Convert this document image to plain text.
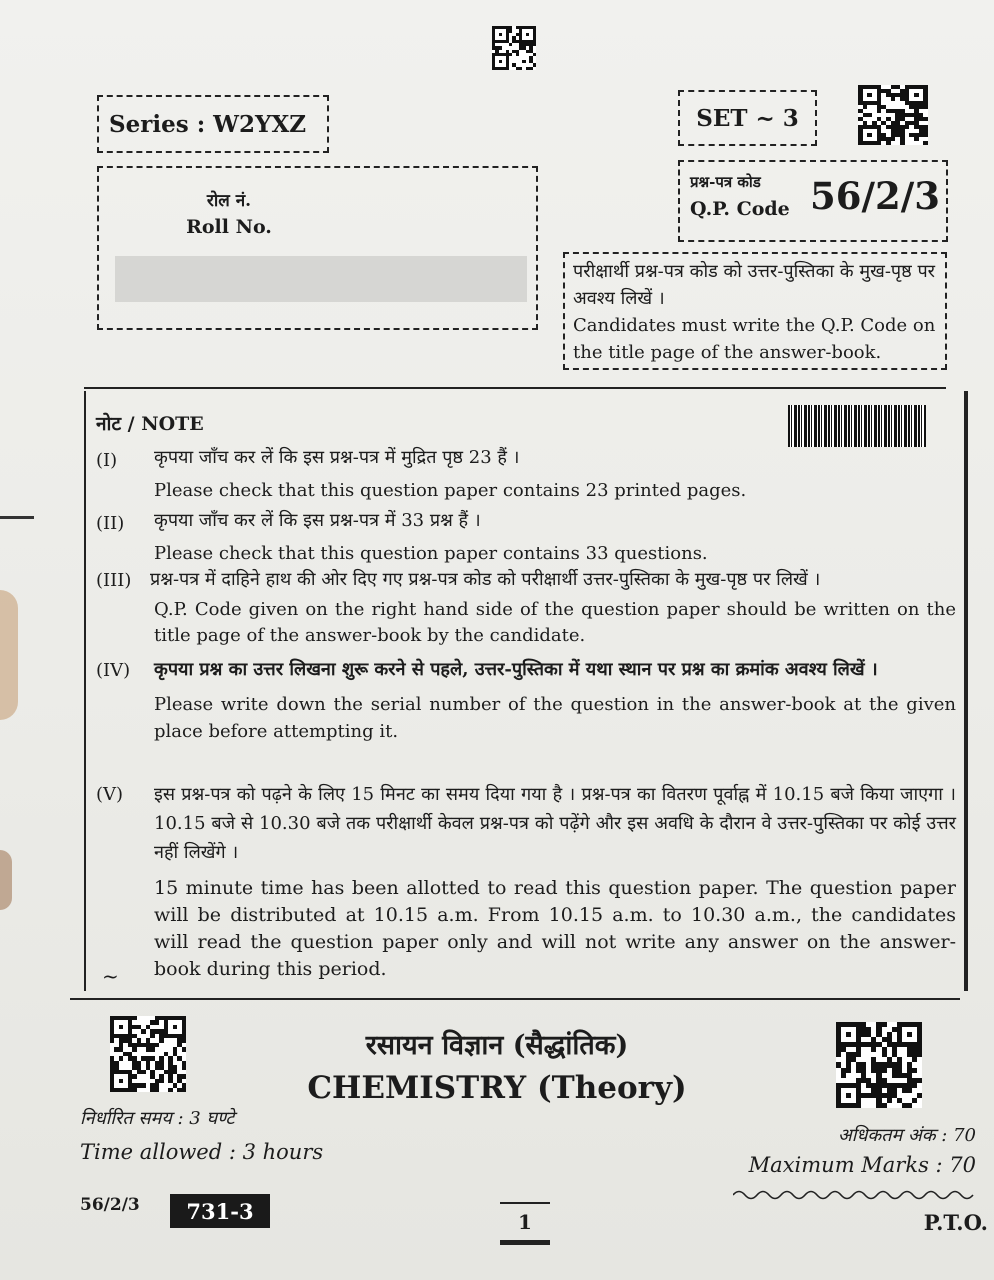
Series : W2YXZ	SET ~ 3
रोल नं.
Roll No.
प्रश्न-पत्र कोड
Q.P. Code 56/2/3
परीक्षार्थी प्रश्न-पत्र कोड को उत्तर-पुस्तिका के मुख-पृष्ठ पर अवश्य लिखें ।
Candidates must write the Q.P. Code on the title page of the answer-book.
नोट / NOTE
(I) कृपया जाँच कर लें कि इस प्रश्न-पत्र में मुद्रित पृष्ठ 23 हैं ।
Please check that this question paper contains 23 printed pages.
(II) कृपया जाँच कर लें कि इस प्रश्न-पत्र में 33 प्रश्न हैं ।
Please check that this question paper contains 33 questions.
(III) प्रश्न-पत्र में दाहिने हाथ की ओर दिए गए प्रश्न-पत्र कोड को परीक्षार्थी उत्तर-पुस्तिका के मुख-पृष्ठ पर लिखें ।
Q.P. Code given on the right hand side of the question paper should be written on the title page of the answer-book by the candidate.
(IV) कृपया प्रश्न का उत्तर लिखना शुरू करने से पहले, उत्तर-पुस्तिका में यथा स्थान पर प्रश्न का क्रमांक अवश्य लिखें ।
Please write down the serial number of the question in the answer-book at the given place before attempting it.
(V) इस प्रश्न-पत्र को पढ़ने के लिए 15 मिनट का समय दिया गया है । प्रश्न-पत्र का वितरण पूर्वाह्न में 10.15 बजे किया जाएगा । 10.15 बजे से 10.30 बजे तक परीक्षार्थी केवल प्रश्न-पत्र को पढ़ेंगे और इस अवधि के दौरान वे उत्तर-पुस्तिका पर कोई उत्तर नहीं लिखेंगे ।
15 minute time has been allotted to read this question paper. The question paper will be distributed at 10.15 a.m. From 10.15 a.m. to 10.30 a.m., the candidates will read the question paper only and will not write any answer on the answer-book during this period.
~
रसायन विज्ञान (सैद्धांतिक)
CHEMISTRY (Theory)
निर्धारित समय : 3 घण्टे
Time allowed : 3 hours
अधिकतम अंक : 70
Maximum Marks : 70
56/2/3	731-3	1	P.T.O.
